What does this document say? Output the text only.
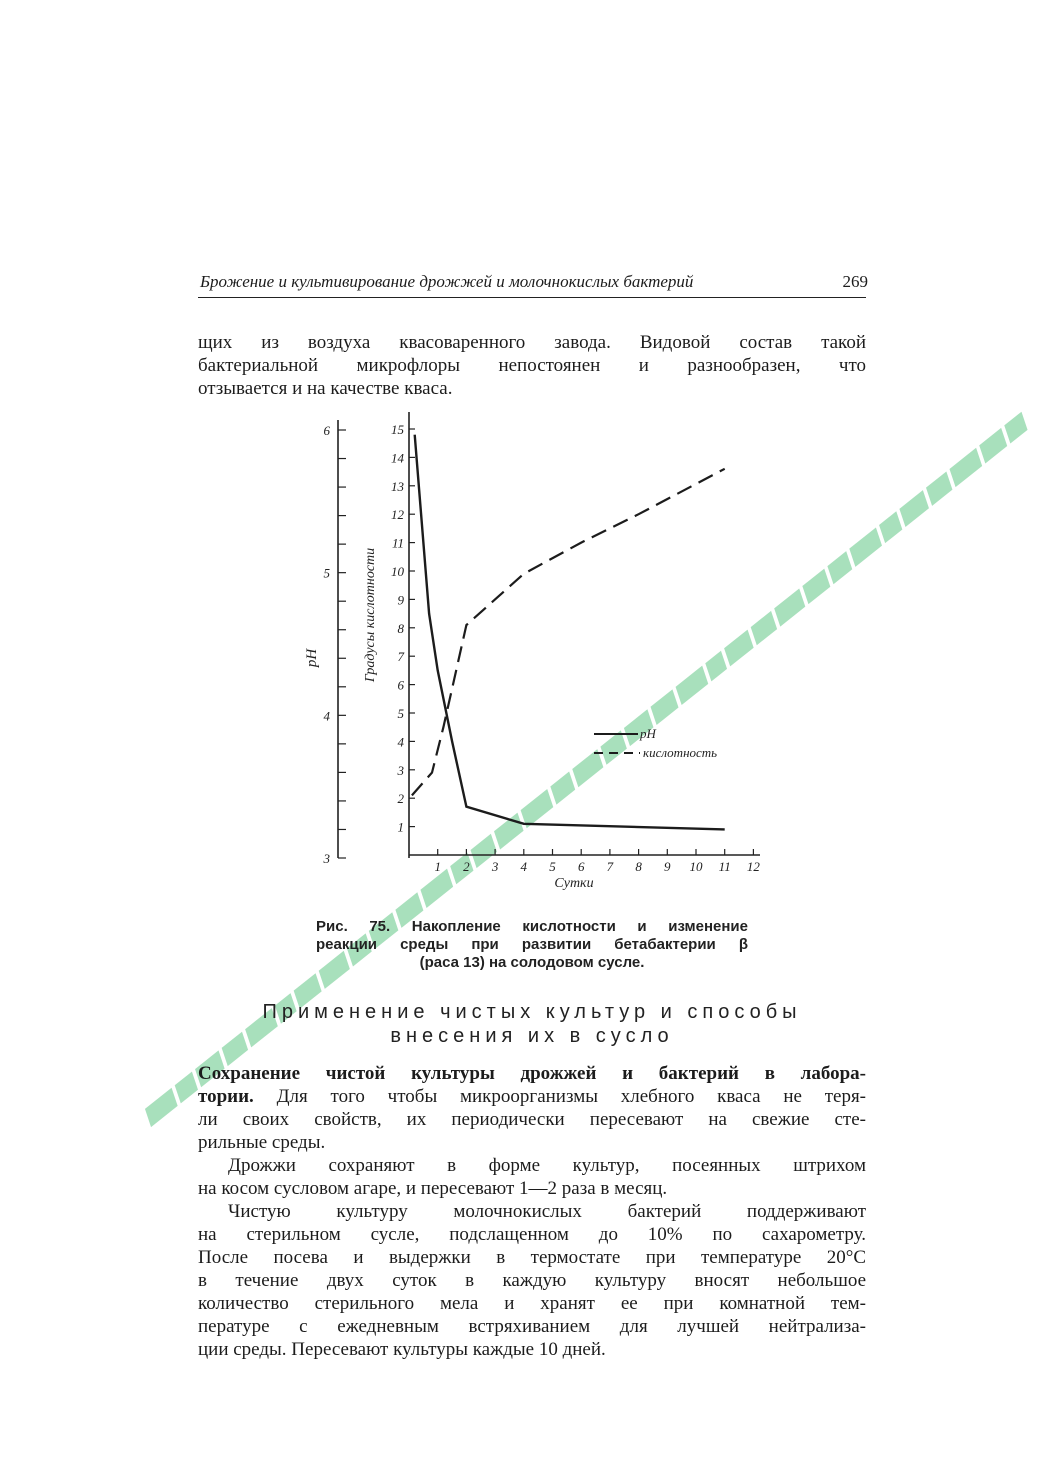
Брожение и культивирование дрожжей и молочнокислых бактерий	269
щих из воздуха квасоваренного завода. Видовой состав такой
бактериальной микрофлоры непостоянен и разнообразен, что
отзывается и на качестве кваса.
6
5
4
3
pH
1
2
3
4
5
6
7
8
9
10
11
12
13
14
15
Градусы кислотности
1 2 3 4 5 6 7 8 9 10 11 12
Сутки
pH
кислотность
Рис. 75. Накопление кислотности и изменение
реакции среды при развитии бетабактерии β
(раса 13) на солодовом сусле.
Применение чистых культур и способы
внесения их в сусло
Сохранение чистой культуры дрожжей и бактерий в лабора-
тории. Для того чтобы микроорганизмы хлебного кваса не теря-
ли своих свойств, их периодически пересевают на свежие сте-
рильные среды.
Дрожжи сохраняют в форме культур, посеянных штрихом
на косом сусловом агаре, и пересевают 1—2 раза в месяц.
Чистую культуру молочнокислых бактерий поддерживают
на стерильном сусле, подслащенном до 10% по сахарометру.
После посева и выдержки в термостате при температуре 20°C
в течение двух суток в каждую культуру вносят небольшое
количество стерильного мела и хранят ее при комнатной тем-
пературе с ежедневным встряхиванием для лучшей нейтрализа-
ции среды. Пересевают культуры каждые 10 дней.
